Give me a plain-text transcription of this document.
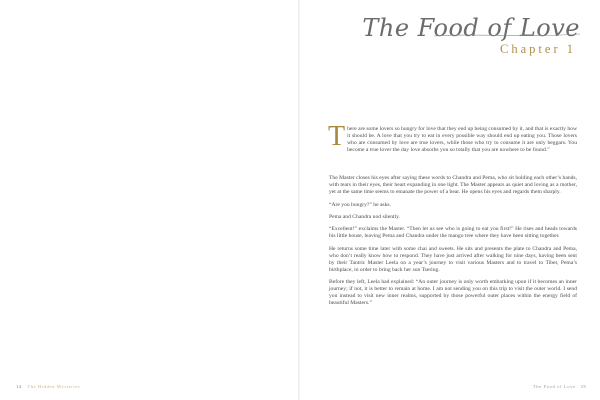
The Food of Love
Chapter 1

There are some lovers so hungry for love that they end up being consumed by it, and that is exactly how it should be. A love that you try to eat in every possible way should end up eating you. Those lovers who are consumed by love are true lovers, while those who try to consume it are only beggars. You become a true lover the day love absorbs you so totally that you are nowhere to be found.”

The Master closes his eyes after saying these words to Chandra and Pema, who sit holding each other’s hands, with tears in their eyes, their heart expanding in one light. The Master appears as quiet and loving as a mother, yet at the same time seems to emanate the power of a bear. He opens his eyes and regards them sharply.

“Are you hungry?” he asks.

Pema and Chandra nod silently.

“Excellent!” exclaims the Master. “Then let us see who is going to eat you first!” He rises and heads towards his little house, leaving Pema and Chandra under the mango tree where they have been sitting together.

He returns some time later with some chai and sweets. He sits and presents the plate to Chandra and Pema, who don’t really know how to respond. They have just arrived after walking for nine days, having been sent by their Tantric Master Leela on a year’s journey to visit various Masters and to travel to Tibet, Pema’s birthplace, in order to bring back her son Tsering.

Before they left, Leela had explained: “An outer journey is only worth embarking upon if it becomes an inner journey; if not, it is better to remain at home. I am not sending you on this trip to visit the outer world. I send you instead to visit new inner realms, supported by those powerful outer places within the energy field of beautiful Masters.”

14 The Hidden Mysteries	The Food of Love 15
